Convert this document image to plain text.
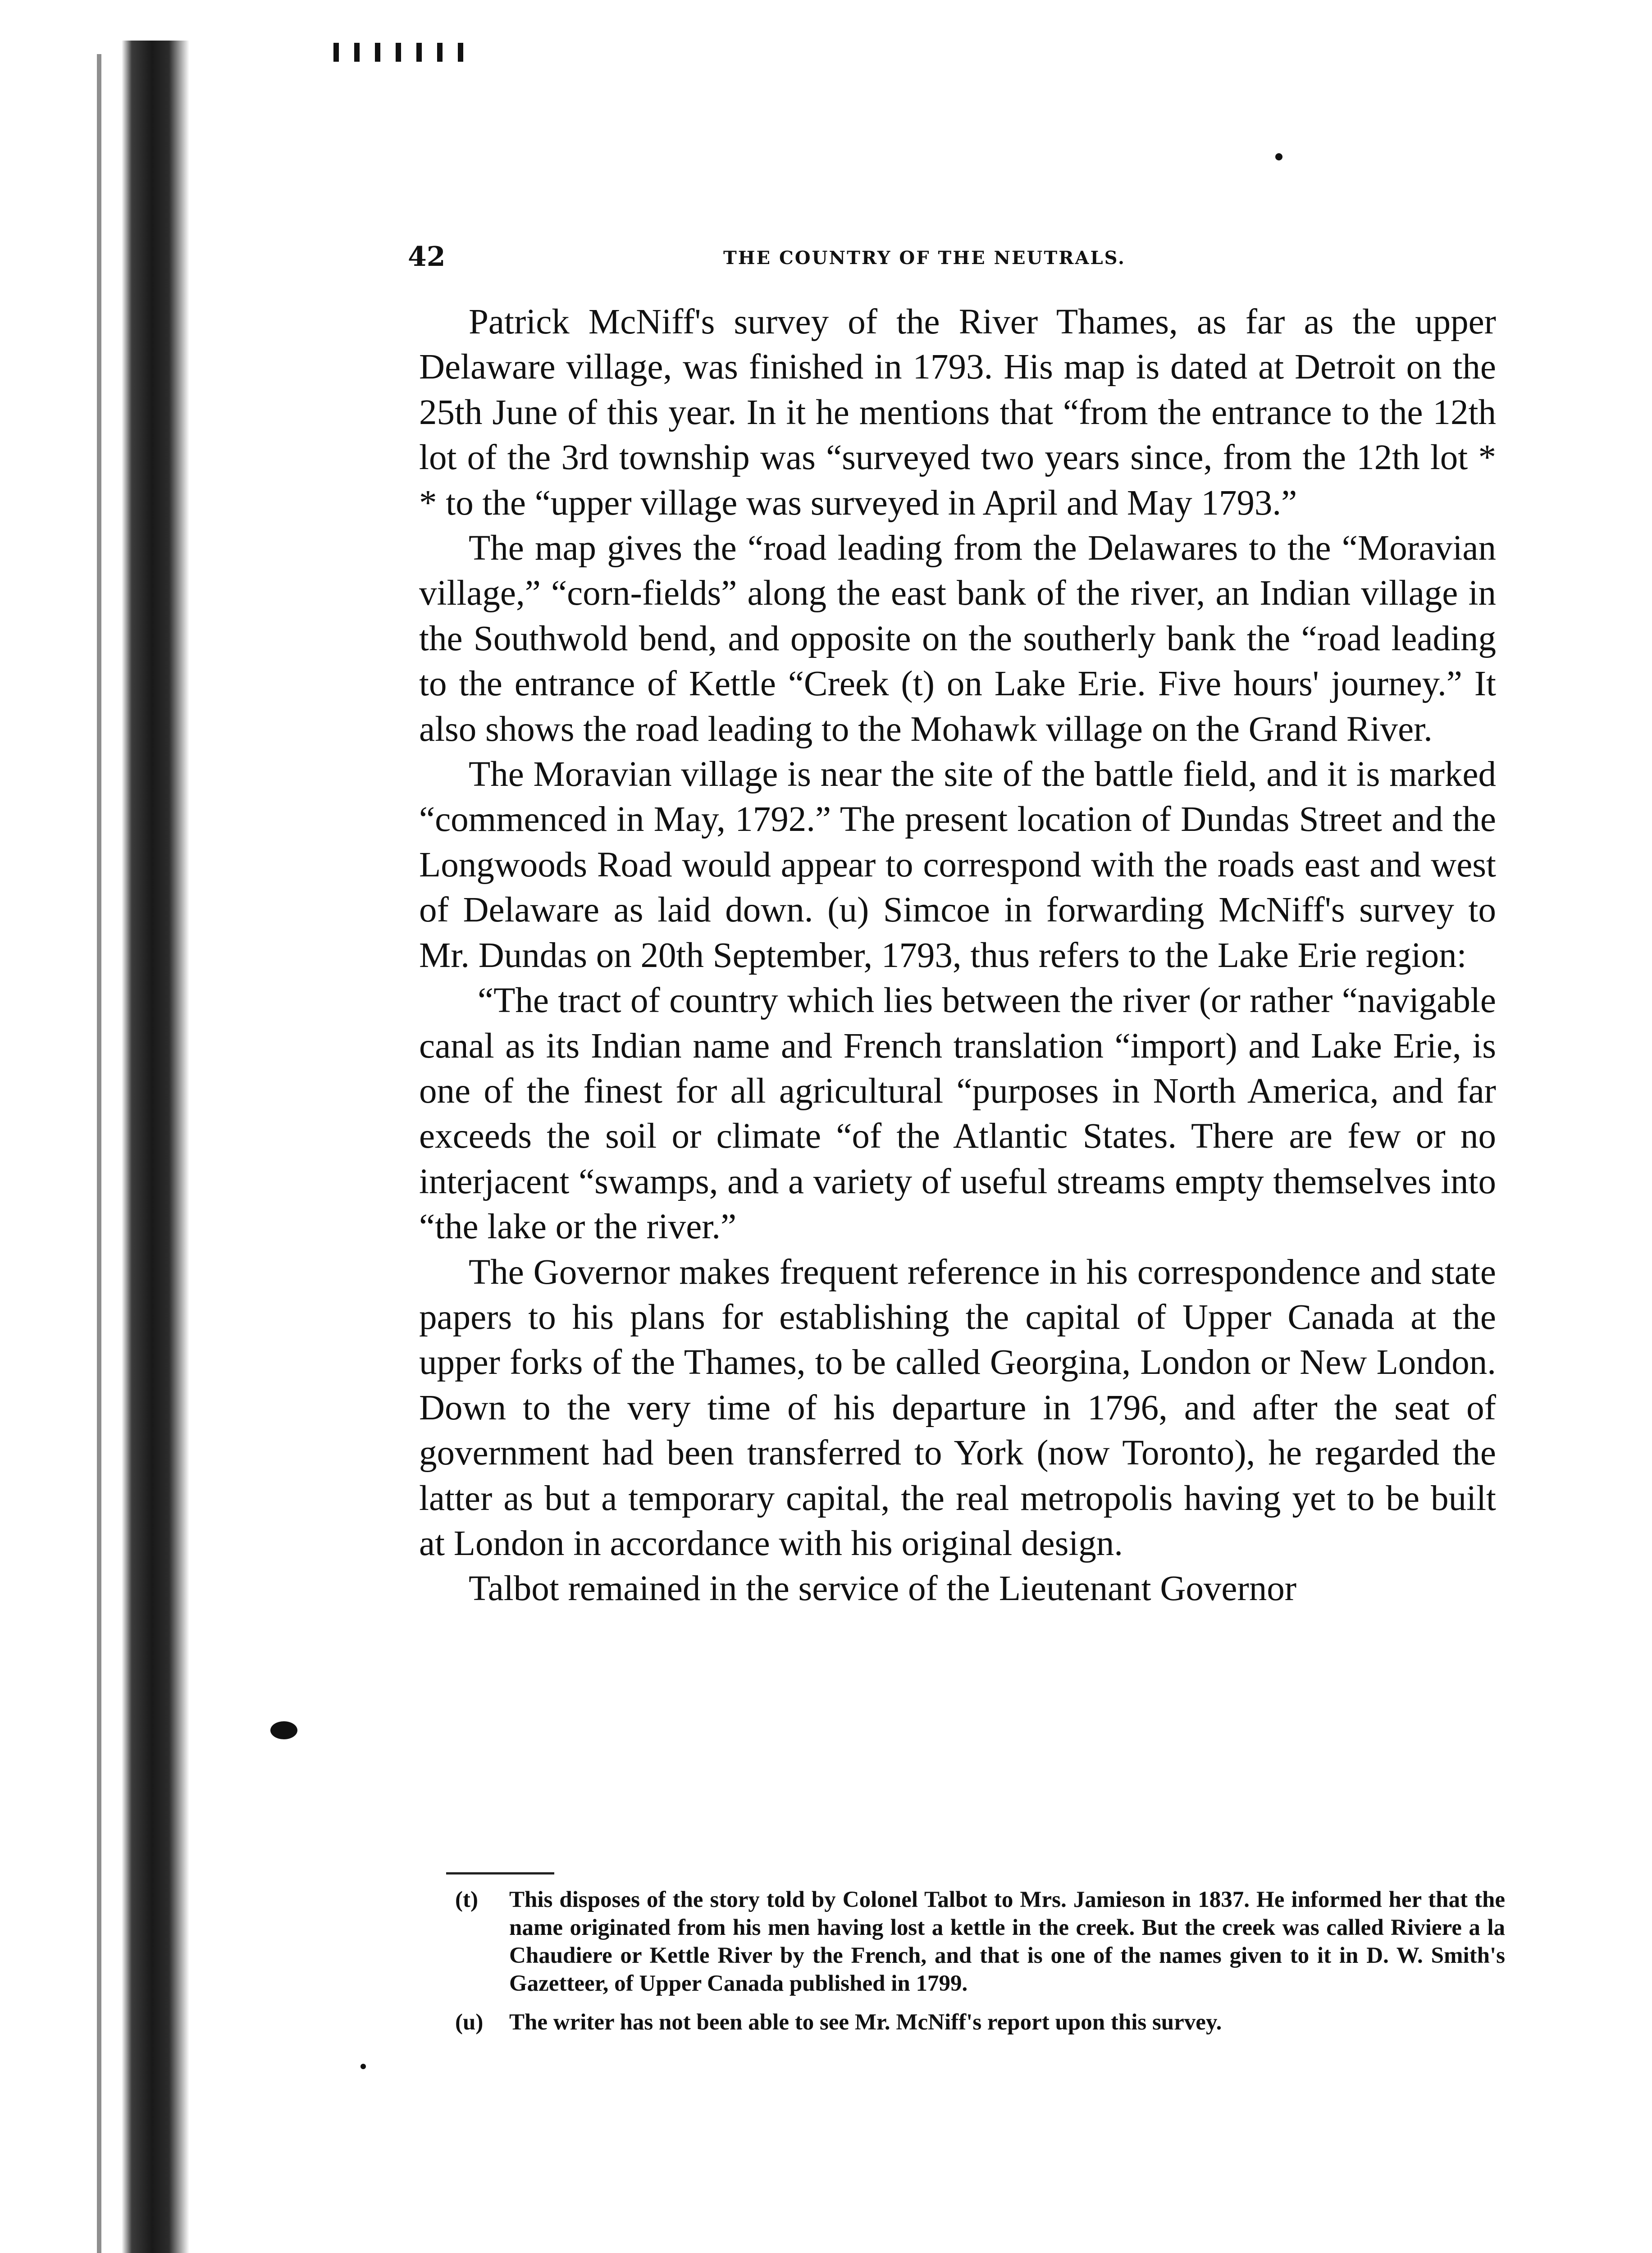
42	THE COUNTRY OF THE NEUTRALS.

Patrick McNiff's survey of the River Thames, as far as the upper Delaware village, was finished in 1793. His map is dated at Detroit on the 25th June of this year. In it he mentions that “from the entrance to the 12th lot of the 3rd township was “surveyed two years since, from the 12th lot * * to the “upper village was surveyed in April and May 1793.”

The map gives the “road leading from the Delawares to the “Moravian village,” “corn-fields” along the east bank of the river, an Indian village in the Southwold bend, and opposite on the southerly bank the “road leading to the entrance of Kettle “Creek (t) on Lake Erie. Five hours' journey.” It also shows the road leading to the Mohawk village on the Grand River.

The Moravian village is near the site of the battle field, and it is marked “commenced in May, 1792.” The present location of Dundas Street and the Longwoods Road would appear to correspond with the roads east and west of Delaware as laid down. (u) Simcoe in forwarding McNiff's survey to Mr. Dundas on 20th September, 1793, thus refers to the Lake Erie region:

“The tract of country which lies between the river (or rather “navigable canal as its Indian name and French translation “import) and Lake Erie, is one of the finest for all agricultural “purposes in North America, and far exceeds the soil or climate “of the Atlantic States. There are few or no interjacent “swamps, and a variety of useful streams empty themselves into “the lake or the river.”

The Governor makes frequent reference in his correspondence and state papers to his plans for establishing the capital of Upper Canada at the upper forks of the Thames, to be called Georgina, London or New London. Down to the very time of his departure in 1796, and after the seat of government had been transferred to York (now Toronto), he regarded the latter as but a temporary capital, the real metropolis having yet to be built at London in accordance with his original design.

Talbot remained in the service of the Lieutenant Governor

(t) This disposes of the story told by Colonel Talbot to Mrs. Jamieson in 1837. He informed her that the name originated from his men having lost a kettle in the creek. But the creek was called Riviere a la Chaudiere or Kettle River by the French, and that is one of the names given to it in D. W. Smith's Gazetteer, of Upper Canada published in 1799.
(u) The writer has not been able to see Mr. McNiff's report upon this survey.
